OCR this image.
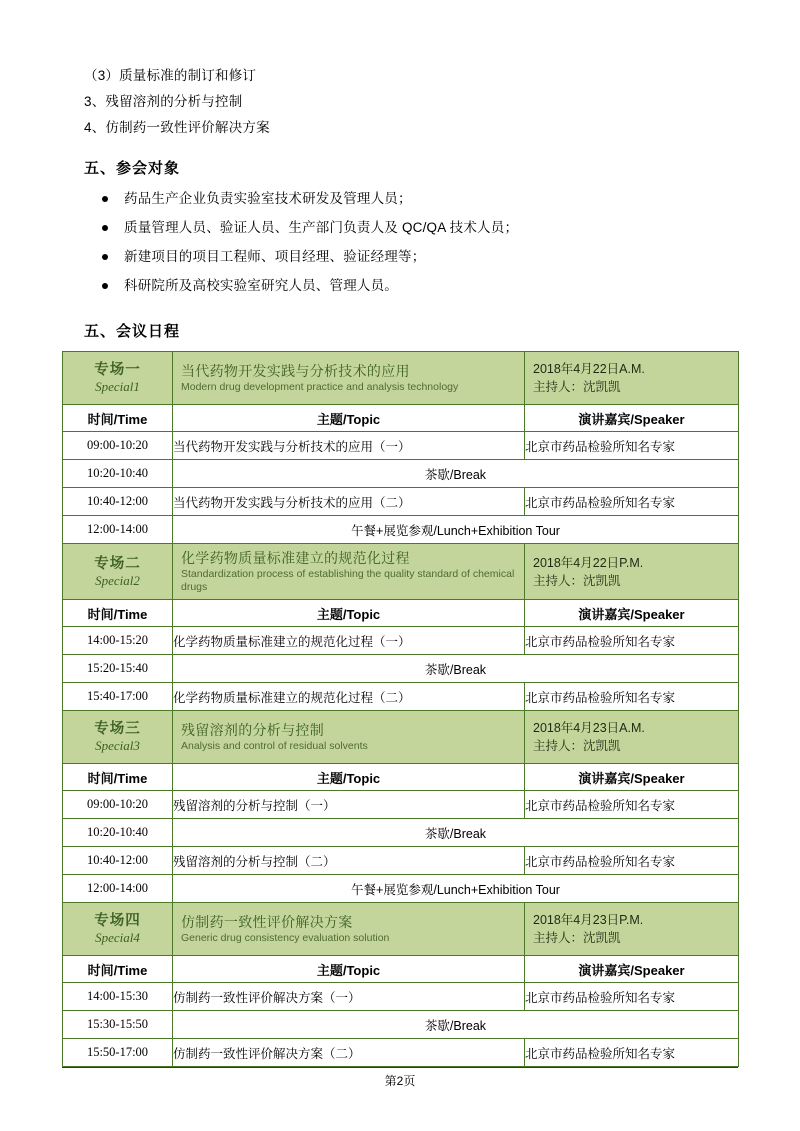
（3）质量标准的制订和修订
3、残留溶剂的分析与控制
4、仿制药一致性评价解决方案
五、参会对象
药品生产企业负责实验室技术研发及管理人员；
质量管理人员、验证人员、生产部门负责人及 QC/QA 技术人员；
新建项目的项目工程师、项目经理、验证经理等；
科研院所及高校实验室研究人员、管理人员。
五、会议日程
专场一
Special1

当代药物开发实践与分析技术的应用
Modern drug development practice and analysis technology

2018年4月22日A.M.
主持人：沈凯凯

时间/Time	主题/Topic	演讲嘉宾/Speaker
09:00-10:20	当代药物开发实践与分析技术的应用（一）	北京市药品检验所知名专家
10:20-10:40	茶歇/Break	
10:40-12:00	当代药物开发实践与分析技术的应用（二）	北京市药品检验所知名专家
12:00-14:00	午餐+展览参观/Lunch+Exhibition Tour	

专场二
Special2

化学药物质量标准建立的规范化过程
Standardization process of establishing the quality standard of chemical drugs

2018年4月22日P.M.
主持人：沈凯凯

时间/Time	主题/Topic	演讲嘉宾/Speaker
14:00-15:20	化学药物质量标准建立的规范化过程（一）	北京市药品检验所知名专家
15:20-15:40	茶歇/Break	
15:40-17:00	化学药物质量标准建立的规范化过程（二）	北京市药品检验所知名专家

专场三
Special3

残留溶剂的分析与控制
Analysis and control of residual solvents

2018年4月23日A.M.
主持人：沈凯凯

时间/Time	主题/Topic	演讲嘉宾/Speaker
09:00-10:20	残留溶剂的分析与控制（一）	北京市药品检验所知名专家
10:20-10:40	茶歇/Break	
10:40-12:00	残留溶剂的分析与控制（二）	北京市药品检验所知名专家
12:00-14:00	午餐+展览参观/Lunch+Exhibition Tour	

专场四
Special4

仿制药一致性评价解决方案
Generic drug consistency evaluation solution

2018年4月23日P.M.
主持人：沈凯凯

时间/Time	主题/Topic	演讲嘉宾/Speaker
14:00-15:30	仿制药一致性评价解决方案（一）	北京市药品检验所知名专家
15:30-15:50	茶歇/Break	
15:50-17:00	仿制药一致性评价解决方案（二）	北京市药品检验所知名专家
第2页
